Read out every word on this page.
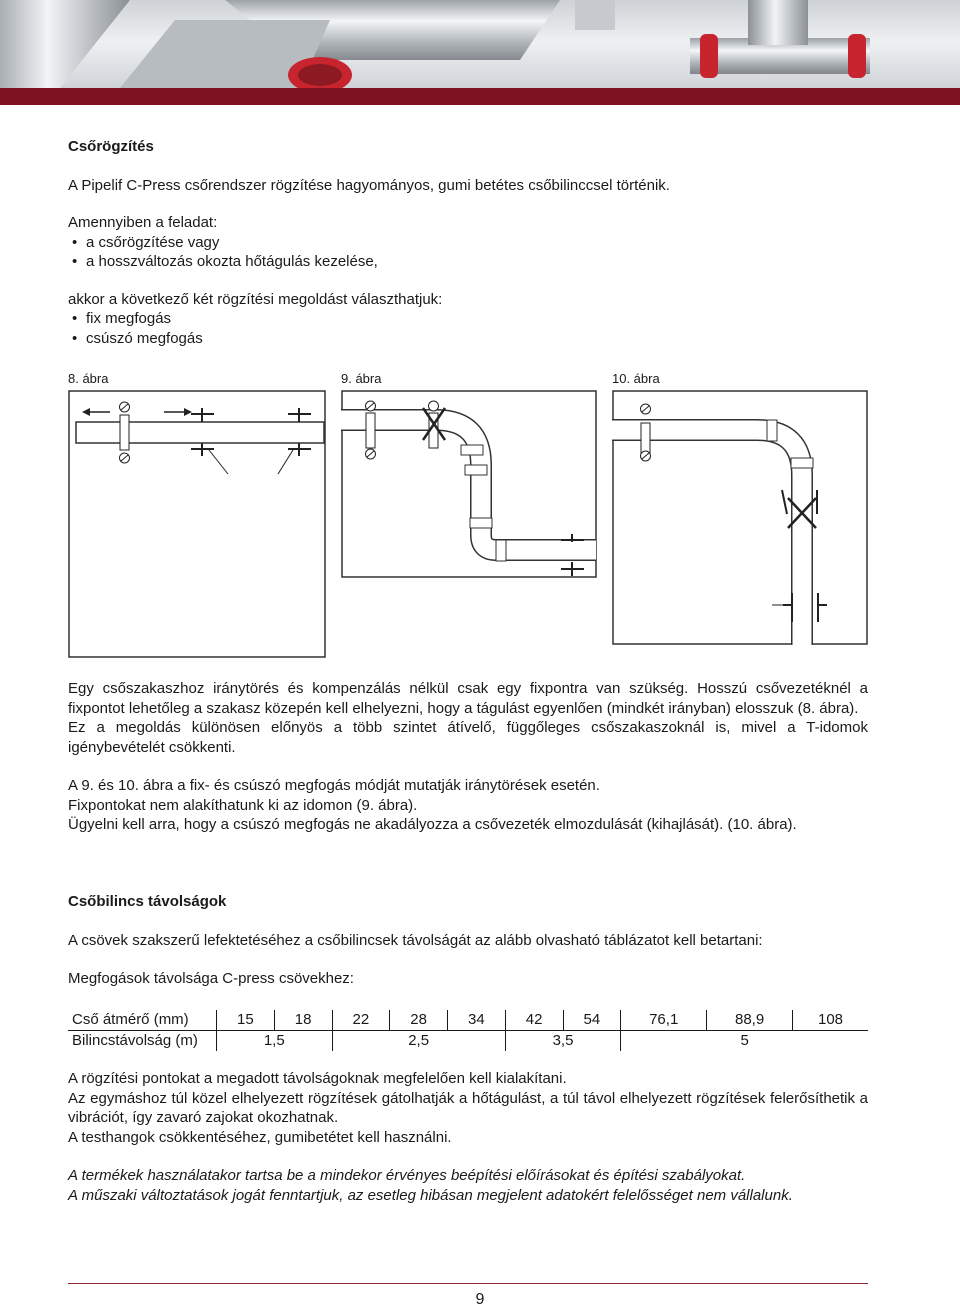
Csőrögzítés

A Pipelif C-Press csőrendszer rögzítése hagyományos, gumi betétes csőbilinccsel történik.

Amennyiben a feladat:

• a csőrögzítése vagy
• a hosszváltozás okozta hőtágulás kezelése,

akkor a következő két rögzítési megoldást választhatjuk:

• fix megfogás
• csúszó megfogás
8. ábra	9. ábra	10. ábra

Egy csőszakaszhoz iránytörés és kompenzálás nélkül csak egy fixpontra van szükség. Hosszú csővezetéknél a fixpontot lehetőleg a szakasz közepén kell elhelyezni, hogy a tágulást egyenlően (mindkét irányban) elosszuk (8. ábra).

Ez a megoldás különösen előnyös a több szintet átívelő, függőleges csőszakaszoknál is, mivel a T-idomok igénybevételét csökkenti.

A 9. és 10. ábra a fix- és csúszó megfogás módját mutatják iránytörések esetén.

Fixpontokat nem alakíthatunk ki az idomon (9. ábra).

Ügyelni kell arra, hogy a csúszó megfogás ne akadályozza a csővezeték elmozdulását (kihajlását). (10. ábra).

Csőbilincs távolságok

A csövek szakszerű lefektetéséhez a csőbilincsek távolságát az alább olvasható táblázatot kell betartani:

Megfogások távolsága C-press csövekhez:

Cső átmérő (mm)	15	18	22	28	34	42	54	76,1	88,9	108
Bilincstávolság (m)	1,5		2,5			3,5		5		

A rögzítési pontokat a megadott távolságoknak megfelelően kell kialakítani.

Az egymáshoz túl közel elhelyezett rögzítések gátolhatják a hőtágulást, a túl távol elhelyezett rögzítések felerősíthetik a vibrációt, így zavaró zajokat okozhatnak.

A testhangok csökkentéséhez, gumibetétet kell használni.

A termékek használatakor tartsa be a mindekor érvényes beépítési előírásokat és építési szabályokat.

A műszaki változtatások jogát fenntartjuk, az esetleg hibásan megjelent adatokért felelősséget nem vállalunk.

9
